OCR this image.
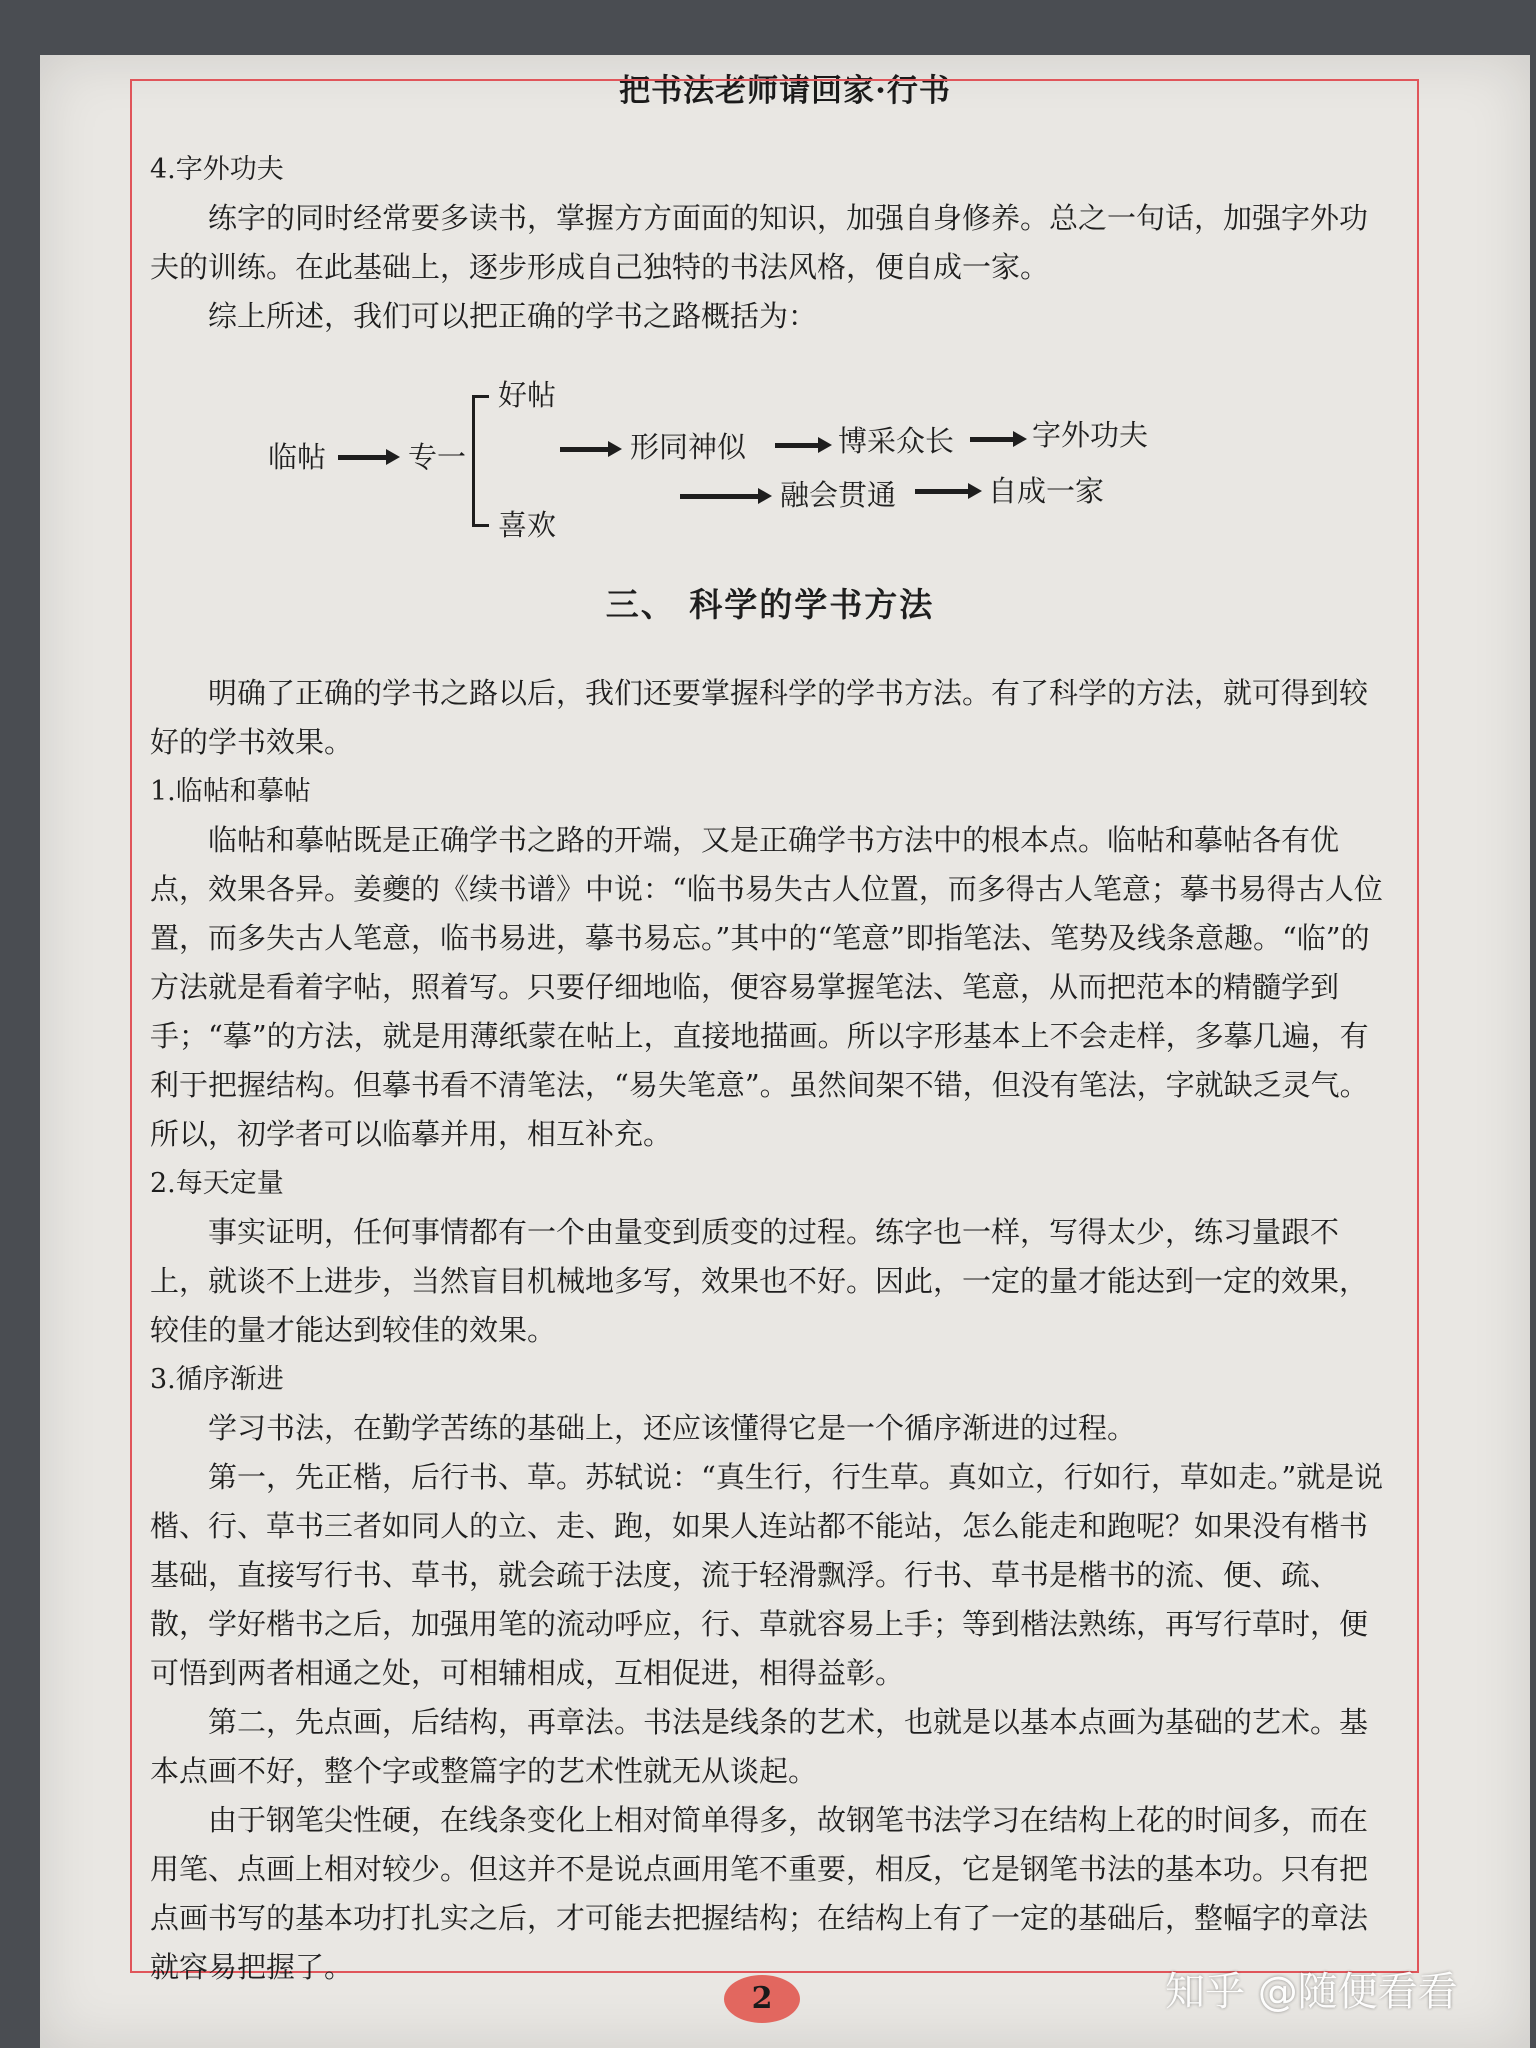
把书法老师请回家·行书

4.字外功夫

练字的同时经常要多读书，掌握方方面面的知识，加强自身修养。总之一句话，加强字外功夫的训练。在此基础上，逐步形成自己独特的书法风格，便自成一家。

综上所述，我们可以把正确的学书之路概括为：

临帖	专一
好帖
喜欢
形同神似	博采众长	字外功夫
融会贯通	自成一家
三、 科学的学书方法

明确了正确的学书之路以后，我们还要掌握科学的学书方法。有了科学的方法，就可得到较好的学书效果。

1.临帖和摹帖

临帖和摹帖既是正确学书之路的开端，又是正确学书方法中的根本点。临帖和摹帖各有优点，效果各异。姜夔的《续书谱》中说：“临书易失古人位置，而多得古人笔意；摹书易得古人位置，而多失古人笔意，临书易进，摹书易忘。”其中的“笔意”即指笔法、笔势及线条意趣。“临”的方法就是看着字帖，照着写。只要仔细地临，便容易掌握笔法、笔意，从而把范本的精髓学到手；“摹”的方法，就是用薄纸蒙在帖上，直接地描画。所以字形基本上不会走样，多摹几遍，有利于把握结构。但摹书看不清笔法，“易失笔意”。虽然间架不错，但没有笔法，字就缺乏灵气。所以，初学者可以临摹并用，相互补充。

2.每天定量

事实证明，任何事情都有一个由量变到质变的过程。练字也一样，写得太少，练习量跟不上，就谈不上进步，当然盲目机械地多写，效果也不好。因此，一定的量才能达到一定的效果，较佳的量才能达到较佳的效果。

3.循序渐进

学习书法，在勤学苦练的基础上，还应该懂得它是一个循序渐进的过程。

第一，先正楷，后行书、草。苏轼说：“真生行，行生草。真如立，行如行，草如走。”就是说楷、行、草书三者如同人的立、走、跑，如果人连站都不能站，怎么能走和跑呢？如果没有楷书基础，直接写行书、草书，就会疏于法度，流于轻滑飘浮。行书、草书是楷书的流、便、疏、散，学好楷书之后，加强用笔的流动呼应，行、草就容易上手；等到楷法熟练，再写行草时，便可悟到两者相通之处，可相辅相成，互相促进，相得益彰。

第二，先点画，后结构，再章法。书法是线条的艺术，也就是以基本点画为基础的艺术。基本点画不好，整个字或整篇字的艺术性就无从谈起。

由于钢笔尖性硬，在线条变化上相对简单得多，故钢笔书法学习在结构上花的时间多，而在用笔、点画上相对较少。但这并不是说点画用笔不重要，相反，它是钢笔书法的基本功。只有把点画书写的基本功打扎实之后，才可能去把握结构；在结构上有了一定的基础后，整幅字的章法就容易把握了。

2	知乎 @随便看看
